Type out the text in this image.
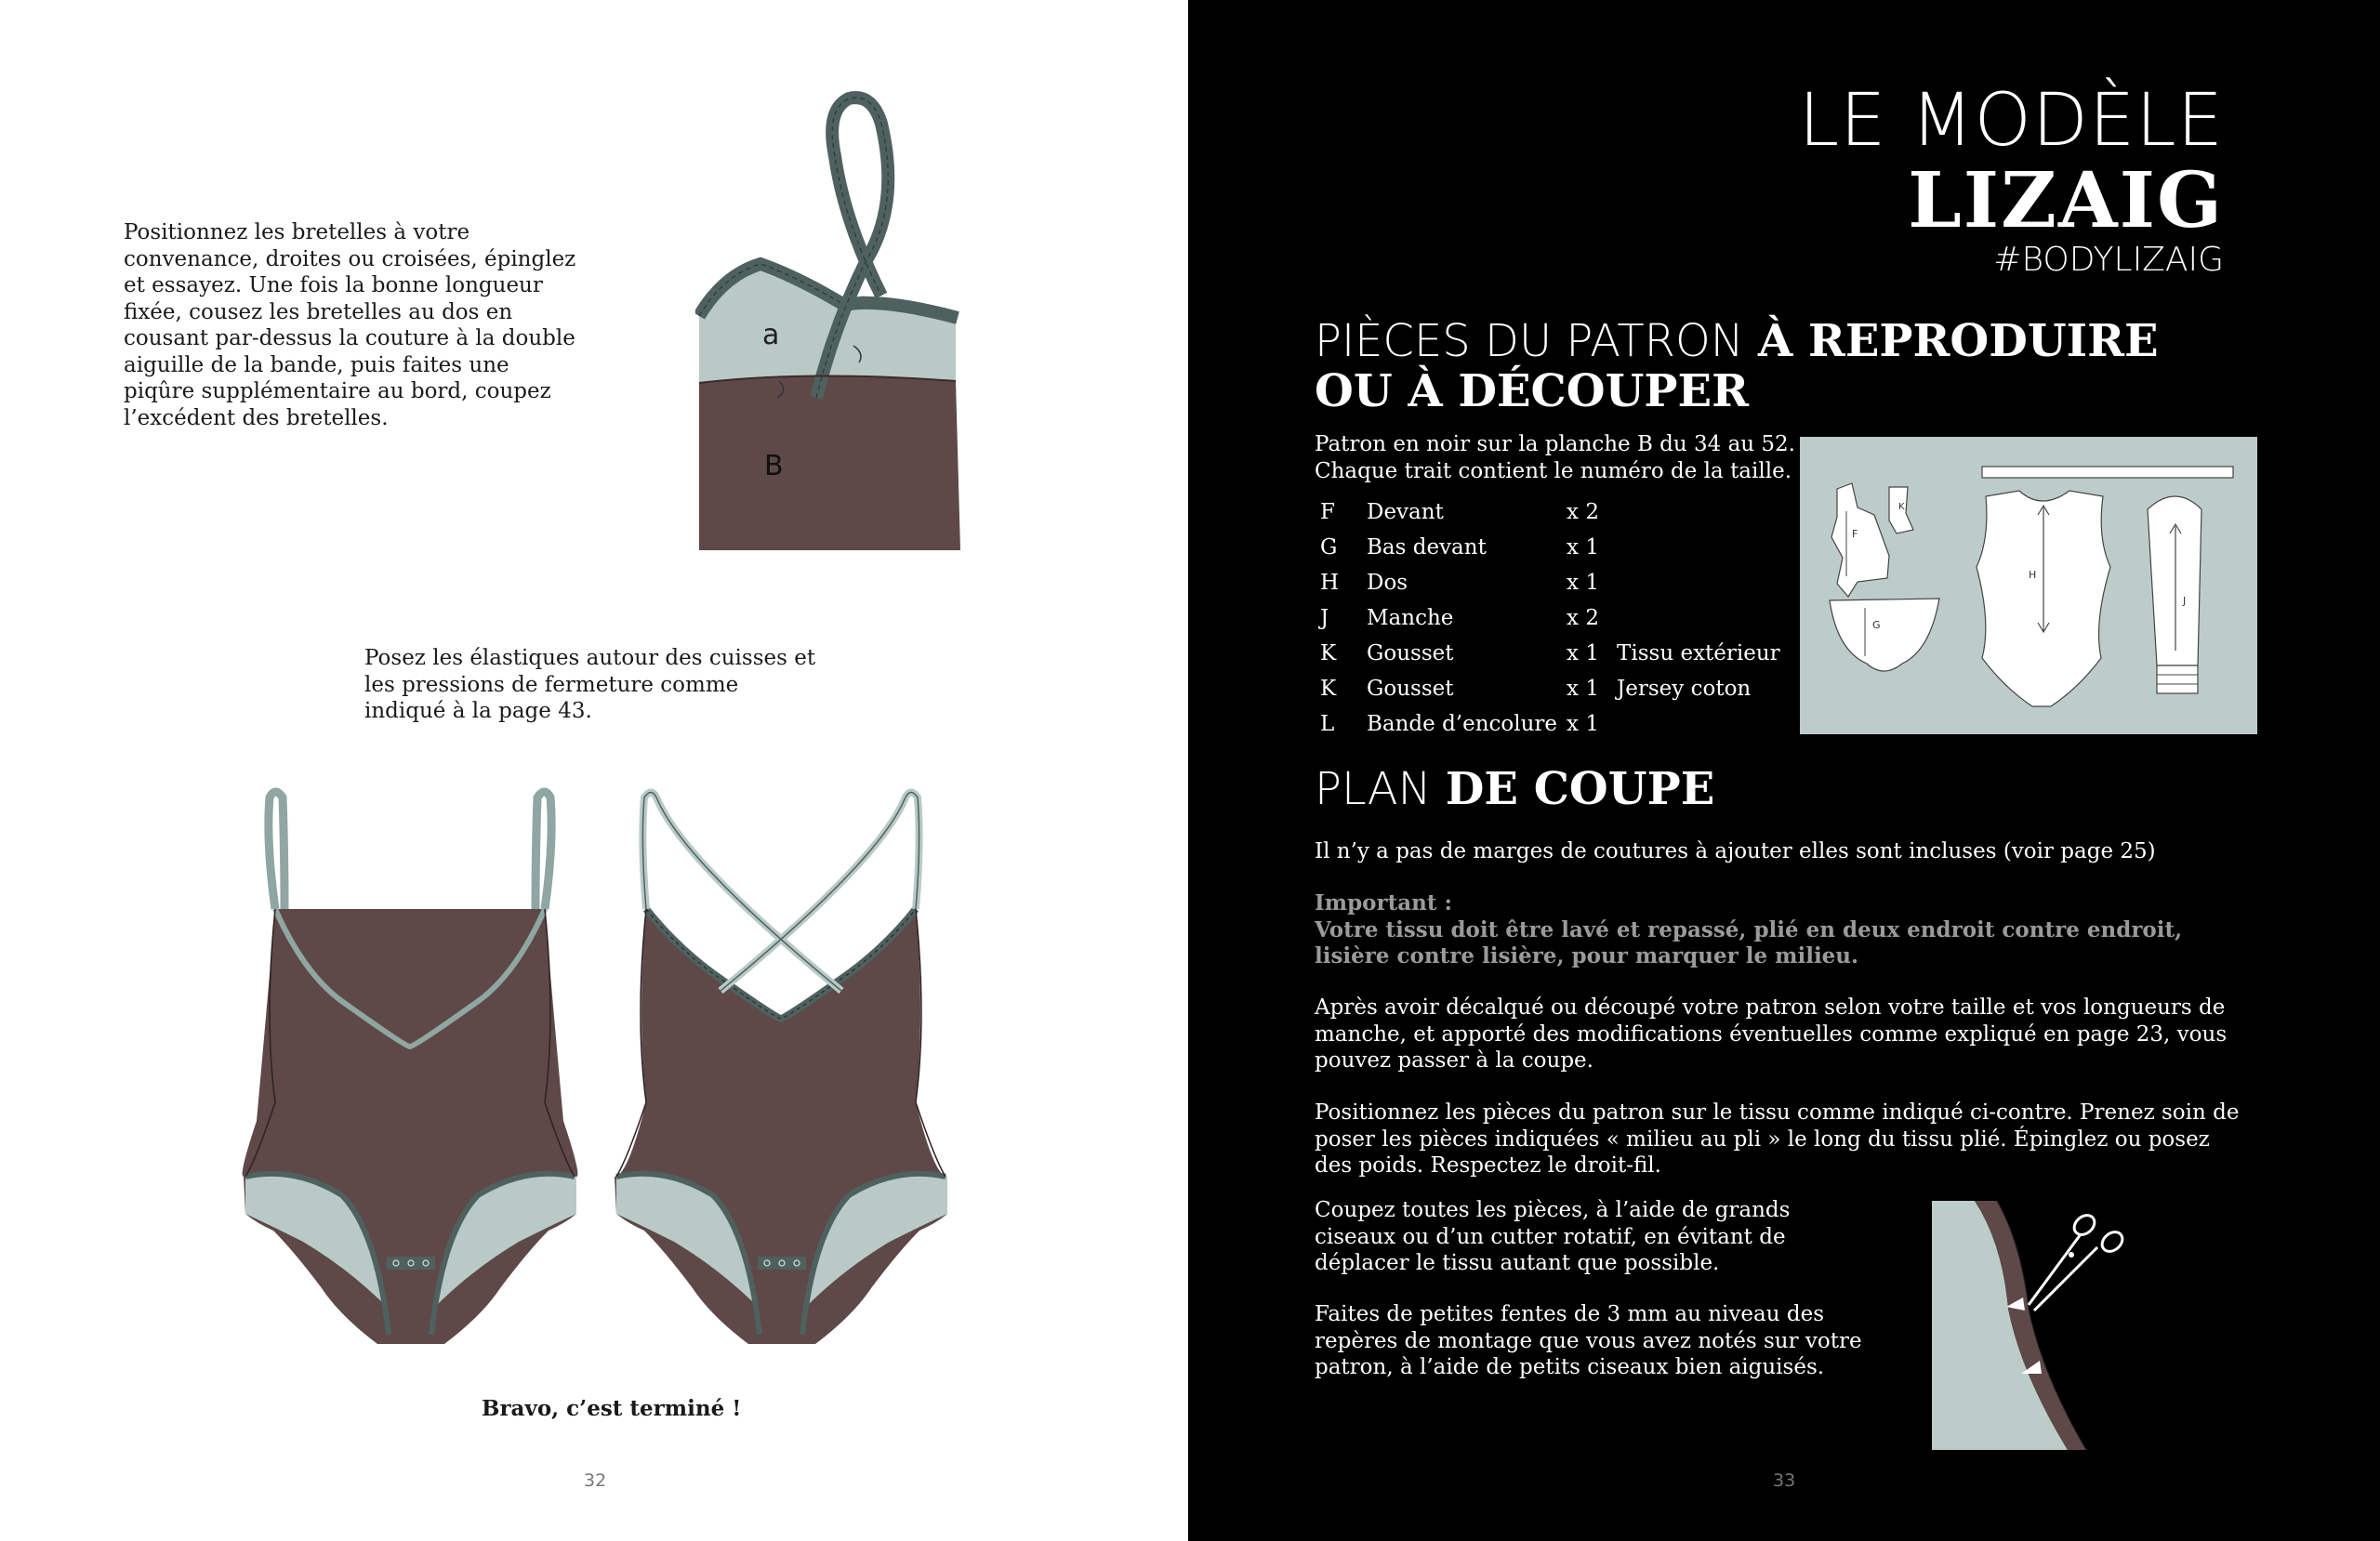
Positionnez les bretelles à votre convenance, droites ou croisées, épinglez et essayez. Une fois la bonne longueur fixée, cousez les bretelles au dos en cousant par-dessus la couture à la double aiguille de la bande, puis faites une piqûre supplémentaire au bord, coupez l’excédent des bretelles.
a
B
Posez les élastiques autour des cuisses et les pressions de fermeture comme indiqué à la page 43.
Bravo, c’est terminé !
32
LE MODÈLE
LIZAIG
#BODYLIZAIG
PIÈCES DU PATRON À REPRODUIRE
OU À DÉCOUPER
Patron en noir sur la planche B du 34 au 52.
Chaque trait contient le numéro de la taille.
F	Devant	x 2	
G	Bas devant	x 1	
H	Dos	x 1	
J	Manche	x 2	
K	Gousset	x 1	Tissu extérieur
K	Gousset	x 1	Jersey coton
L	Bande d’encolure	x 1	
F
K
G
H
J
PLAN DE COUPE
Il n’y a pas de marges de coutures à ajouter elles sont incluses (voir page 25)
Important :
Votre tissu doit être lavé et repassé, plié en deux endroit contre endroit, lisière contre lisière, pour marquer le milieu.
Après avoir décalqué ou découpé votre patron selon votre taille et vos longueurs de manche, et apporté des modifications éventuelles comme expliqué en page 23, vous pouvez passer à la coupe.
Positionnez les pièces du patron sur le tissu comme indiqué ci-contre. Prenez soin de poser les pièces indiquées « milieu au pli » le long du tissu plié. Épinglez ou posez des poids. Respectez le droit-fil.
Coupez toutes les pièces, à l’aide de grands ciseaux ou d’un cutter rotatif, en évitant de déplacer le tissu autant que possible.
Faites de petites fentes de 3 mm au niveau des repères de montage que vous avez notés sur votre patron, à l’aide de petits ciseaux bien aiguisés.
33
